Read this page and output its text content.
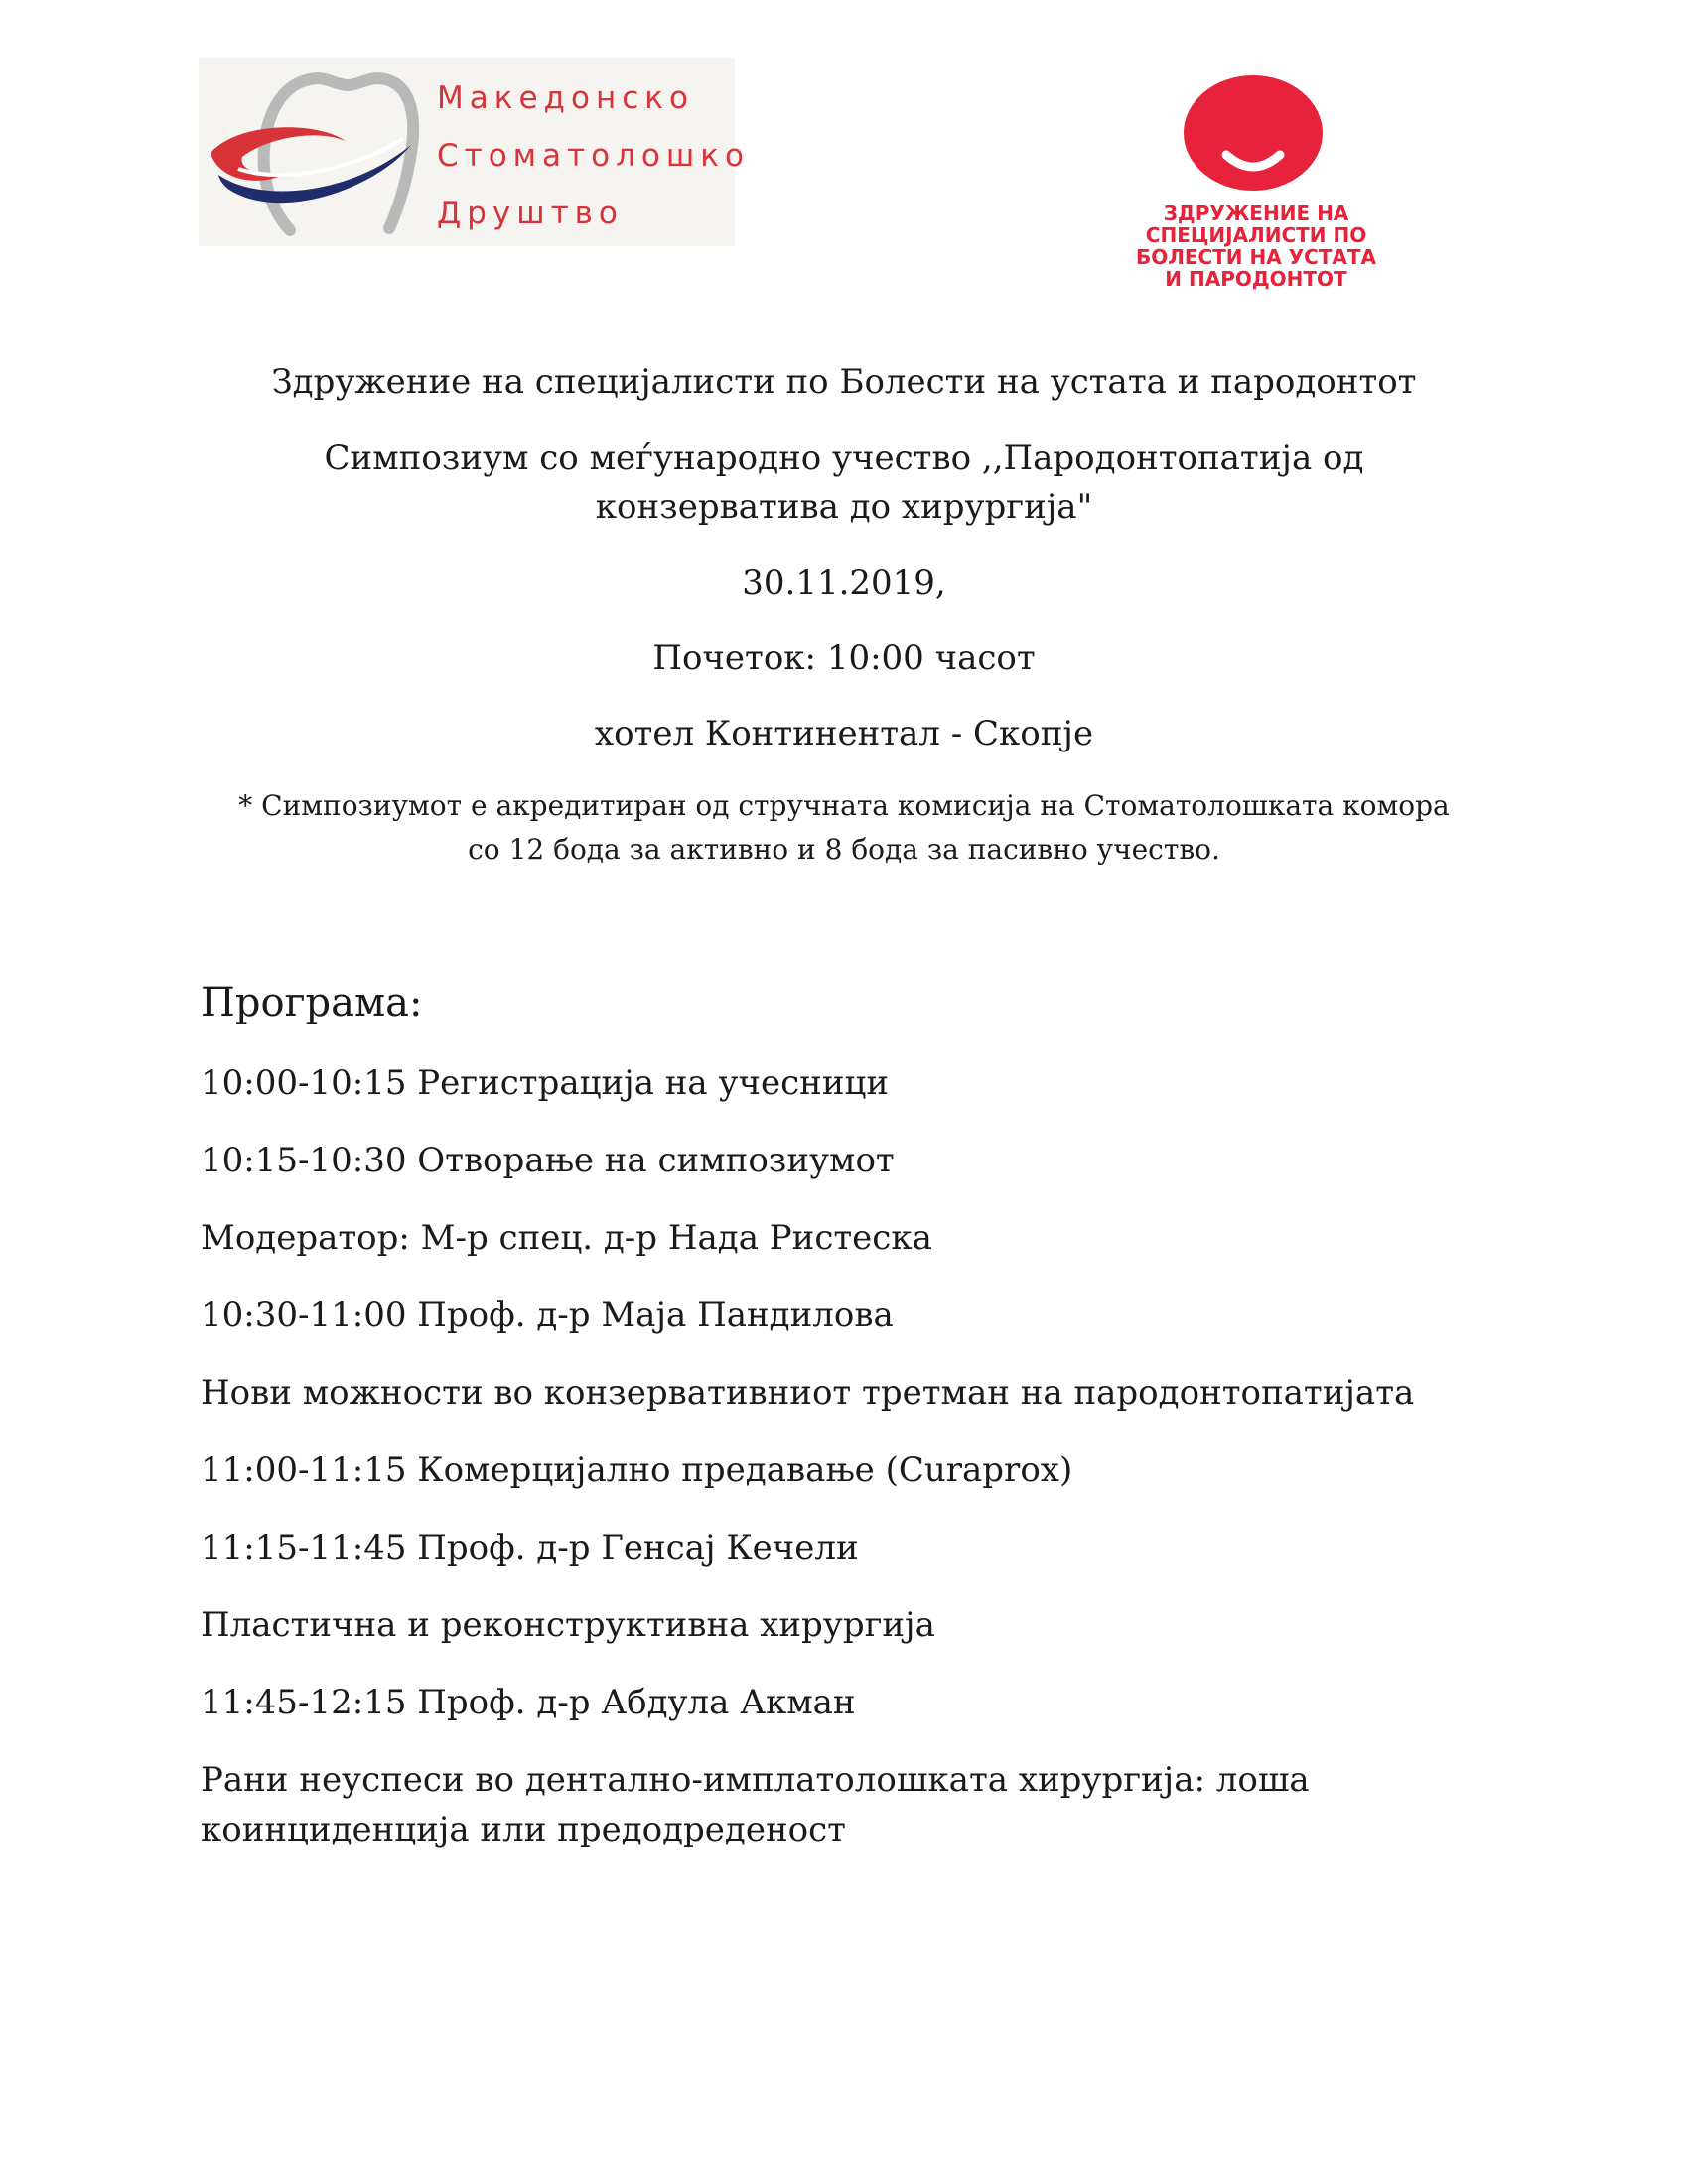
Македонско
Стоматолошко
Друштво	ЗДРУЖЕНИЕ НА
СПЕЦИЈАЛИСТИ ПО
БОЛЕСТИ НА УСТАТА
И ПАРОДОНТОТ
Здружение на специјалисти по Болести на устата и пародонтот
Симпозиум со меѓународно учество ,,Пародонтопатија од
конзерватива до хирургија"
30.11.2019,
Почеток: 10:00 часот
хотел Континентал - Скопје
* Симпозиумот е акредитиран од стручната комисија на Стоматолошката комора
со 12 бода за активно и 8 бода за пасивно учество.
Програма:
10:00-10:15 Регистрација на учесници
10:15-10:30 Отворање на симпозиумот
Модератор: М-р спец. д-р Нада Ристеска
10:30-11:00 Проф. д-р Маја Пандилова
Нови можности во конзервативниот третман на пародонтопатијата
11:00-11:15 Комерцијално предавање (Curaprox)
11:15-11:45 Проф. д-р Генсај Кечели
Пластична и реконструктивна хирургија
11:45-12:15 Проф. д-р Абдула Акман
Рани неуспеси во дентално-имплатолошката хирургија: лоша
коинциденција или предодреденост
